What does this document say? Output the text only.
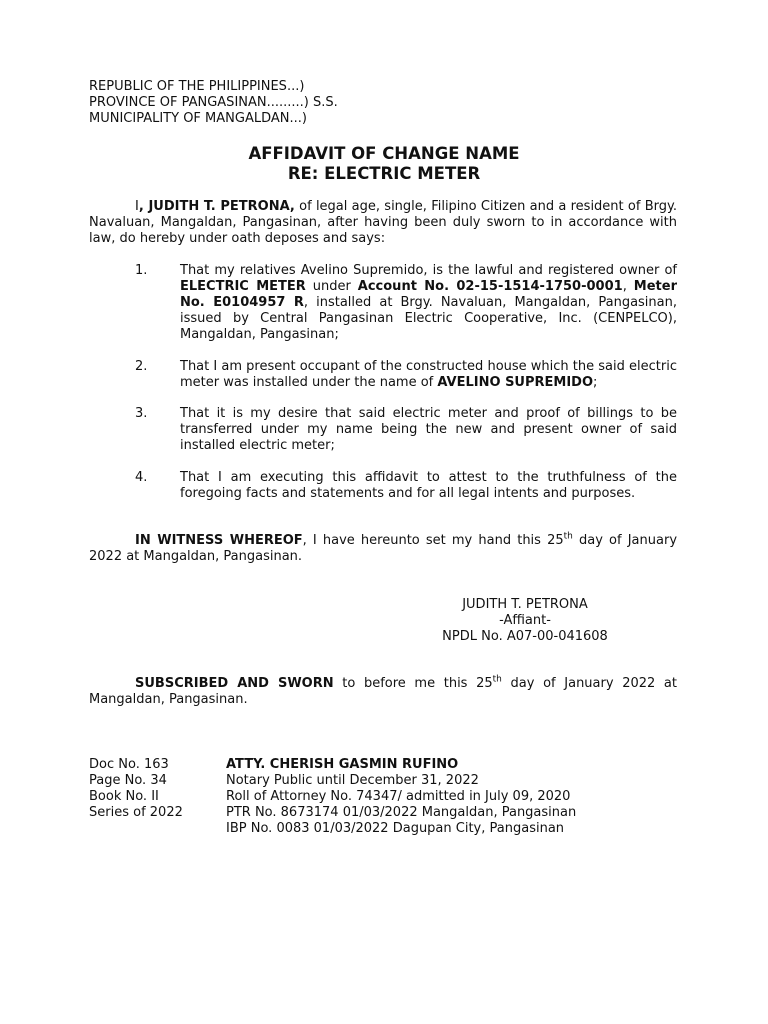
REPUBLIC OF THE PHILIPPINES...)
PROVINCE OF PANGASINAN.........) S.S.
MUNICIPALITY OF MANGALDAN...)
AFFIDAVIT OF CHANGE NAME
RE: ELECTRIC METER
I, JUDITH T. PETRONA, of legal age, single, Filipino Citizen and a resident of Brgy. Navaluan, Mangaldan, Pangasinan, after having been duly sworn to in accordance with law, do hereby under oath deposes and says:
1.	That my relatives Avelino Supremido, is the lawful and registered owner of ELECTRIC METER under Account No. 02-15-1514-1750-0001, Meter No. E0104957 R, installed at Brgy. Navaluan, Mangaldan, Pangasinan, issued by Central Pangasinan Electric Cooperative, Inc. (CENPELCO), Mangaldan, Pangasinan;
2.	That I am present occupant of the constructed house which the said electric meter was installed under the name of AVELINO SUPREMIDO;
3.	That it is my desire that said electric meter and proof of billings to be transferred under my name being the new and present owner of said installed electric meter;
4.	That I am executing this affidavit to attest to the truthfulness of the foregoing facts and statements and for all legal intents and purposes.
IN WITNESS WHEREOF, I have hereunto set my hand this 25th day of January 2022 at Mangaldan, Pangasinan.
JUDITH T. PETRONA
-Affiant-
NPDL No. A07-00-041608
SUBSCRIBED AND SWORN to before me this 25th day of January 2022 at Mangaldan, Pangasinan.
Doc No. 163
Page No. 34
Book No. II
Series of 2022
ATTY. CHERISH GASMIN RUFINO
Notary Public until December 31, 2022
Roll of Attorney No. 74347/ admitted in July 09, 2020
PTR No. 8673174 01/03/2022 Mangaldan, Pangasinan
IBP No. 0083 01/03/2022 Dagupan City, Pangasinan
